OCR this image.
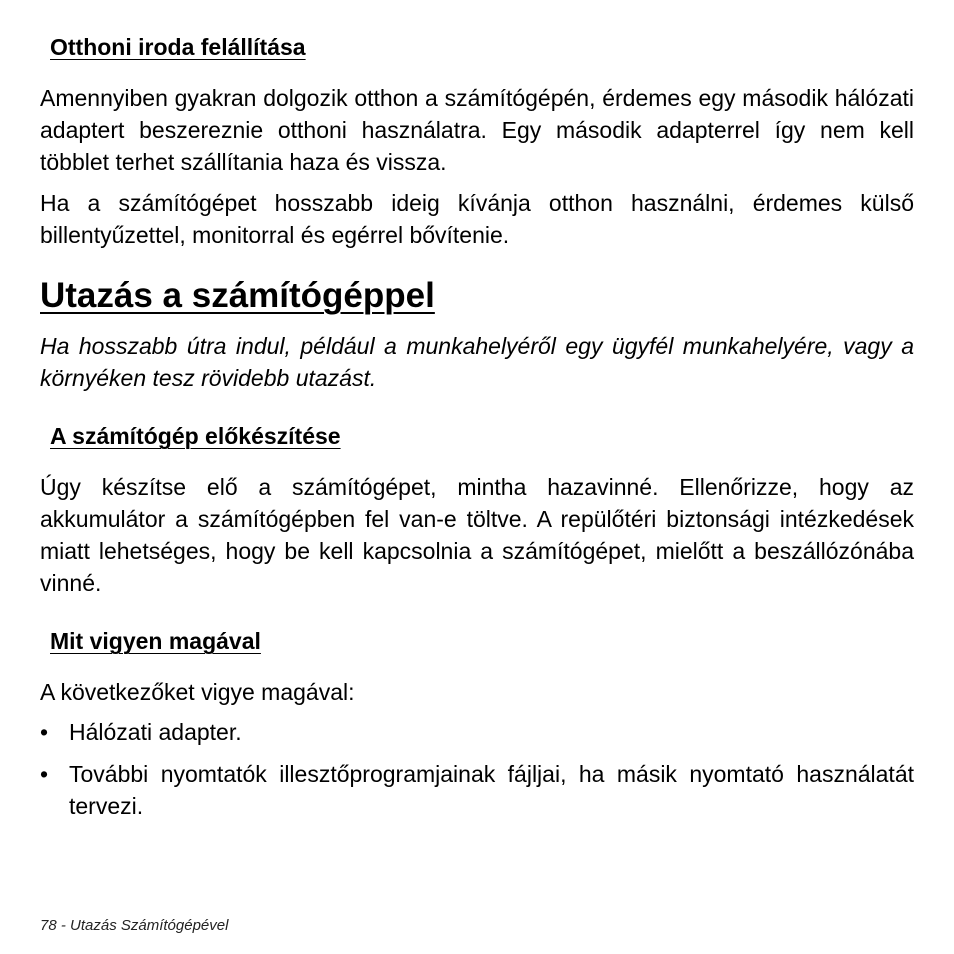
Otthoni iroda felállítása

Amennyiben gyakran dolgozik otthon a számítógépén, érdemes egy második hálózati adaptert beszereznie otthoni használatra. Egy második adapterrel így nem kell többlet terhet szállítania haza és vissza.

Ha a számítógépet hosszabb ideig kívánja otthon használni, érdemes külső billentyűzettel, monitorral és egérrel bővítenie.

Utazás a számítógéppel

Ha hosszabb útra indul, például a munkahelyéről egy ügyfél munkahelyére, vagy a környéken tesz rövidebb utazást.

A számítógép előkészítése

Úgy készítse elő a számítógépet, mintha hazavinné. Ellenőrizze, hogy az akkumulátor a számítógépben fel van-e töltve. A repülőtéri biztonsági intézkedések miatt lehetséges, hogy be kell kapcsolnia a számítógépet, mielőtt a beszállózónába vinné.

Mit vigyen magával

A következőket vigye magával:

• Hálózati adapter.
• További nyomtatók illesztőprogramjainak fájljai, ha másik nyomtató használatát tervezi.
78 - Utazás Számítógépével
